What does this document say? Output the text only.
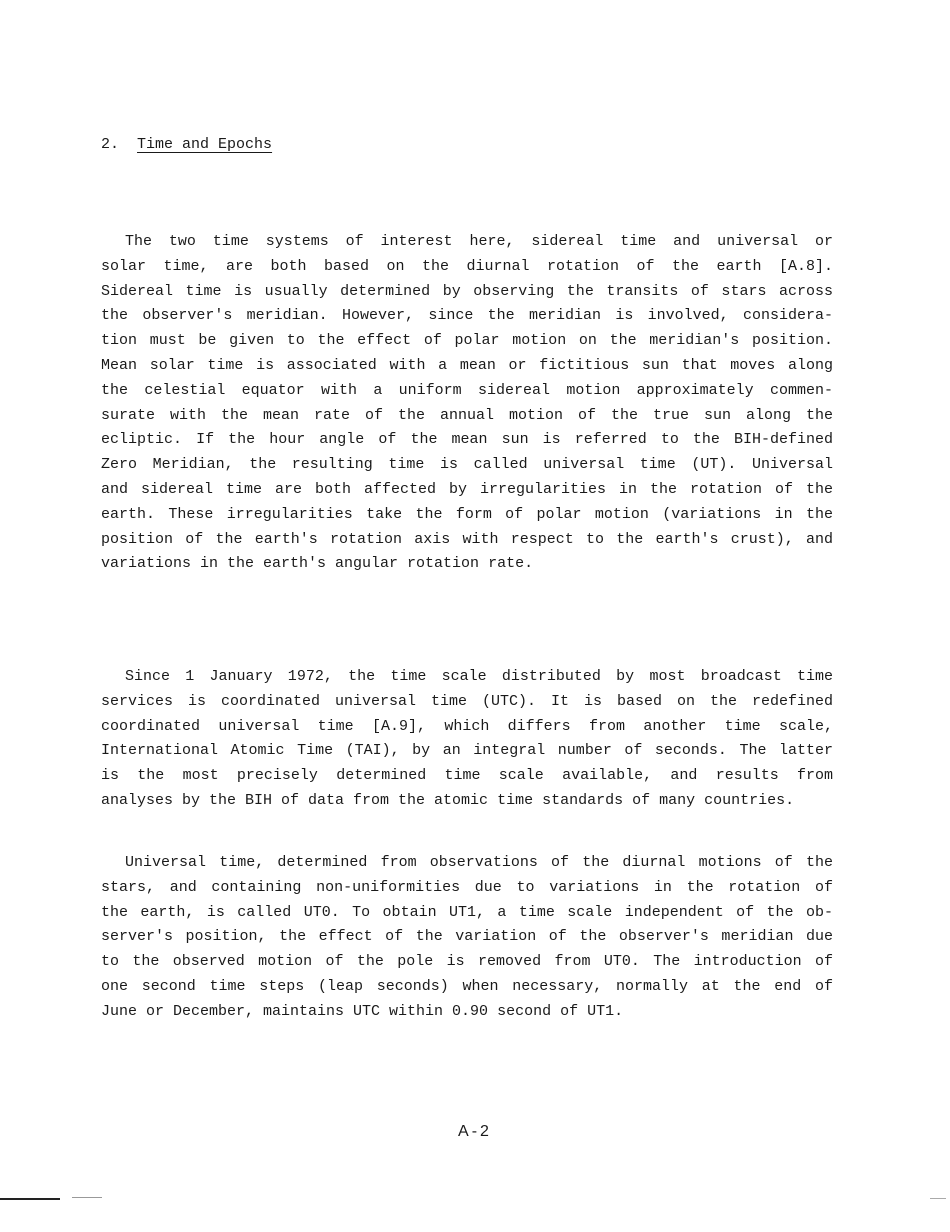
2. Time and Epochs
The two time systems of interest here, sidereal time and universal or
solar time, are both based on the diurnal rotation of the earth [A.8].
Sidereal time is usually determined by observing the transits of stars across
the observer's meridian. However, since the meridian is involved, considera-
tion must be given to the effect of polar motion on the meridian's position.
Mean solar time is associated with a mean or fictitious sun that moves along
the celestial equator with a uniform sidereal motion approximately commen-
surate with the mean rate of the annual motion of the true sun along the
ecliptic. If the hour angle of the mean sun is referred to the BIH-defined
Zero Meridian, the resulting time is called universal time (UT). Universal
and sidereal time are both affected by irregularities in the rotation of the
earth. These irregularities take the form of polar motion (variations in the
position of the earth's rotation axis with respect to the earth's crust), and
variations in the earth's angular rotation rate.
Since 1 January 1972, the time scale distributed by most broadcast time
services is coordinated universal time (UTC). It is based on the redefined
coordinated universal time [A.9], which differs from another time scale,
International Atomic Time (TAI), by an integral number of seconds. The latter
is the most precisely determined time scale available, and results from
analyses by the BIH of data from the atomic time standards of many countries.
Universal time, determined from observations of the diurnal motions of the
stars, and containing non-uniformities due to variations in the rotation of
the earth, is called UT0. To obtain UT1, a time scale independent of the ob-
server's position, the effect of the variation of the observer's meridian due
to the observed motion of the pole is removed from UT0. The introduction of
one second time steps (leap seconds) when necessary, normally at the end of
June or December, maintains UTC within 0.90 second of UT1.
A-2
